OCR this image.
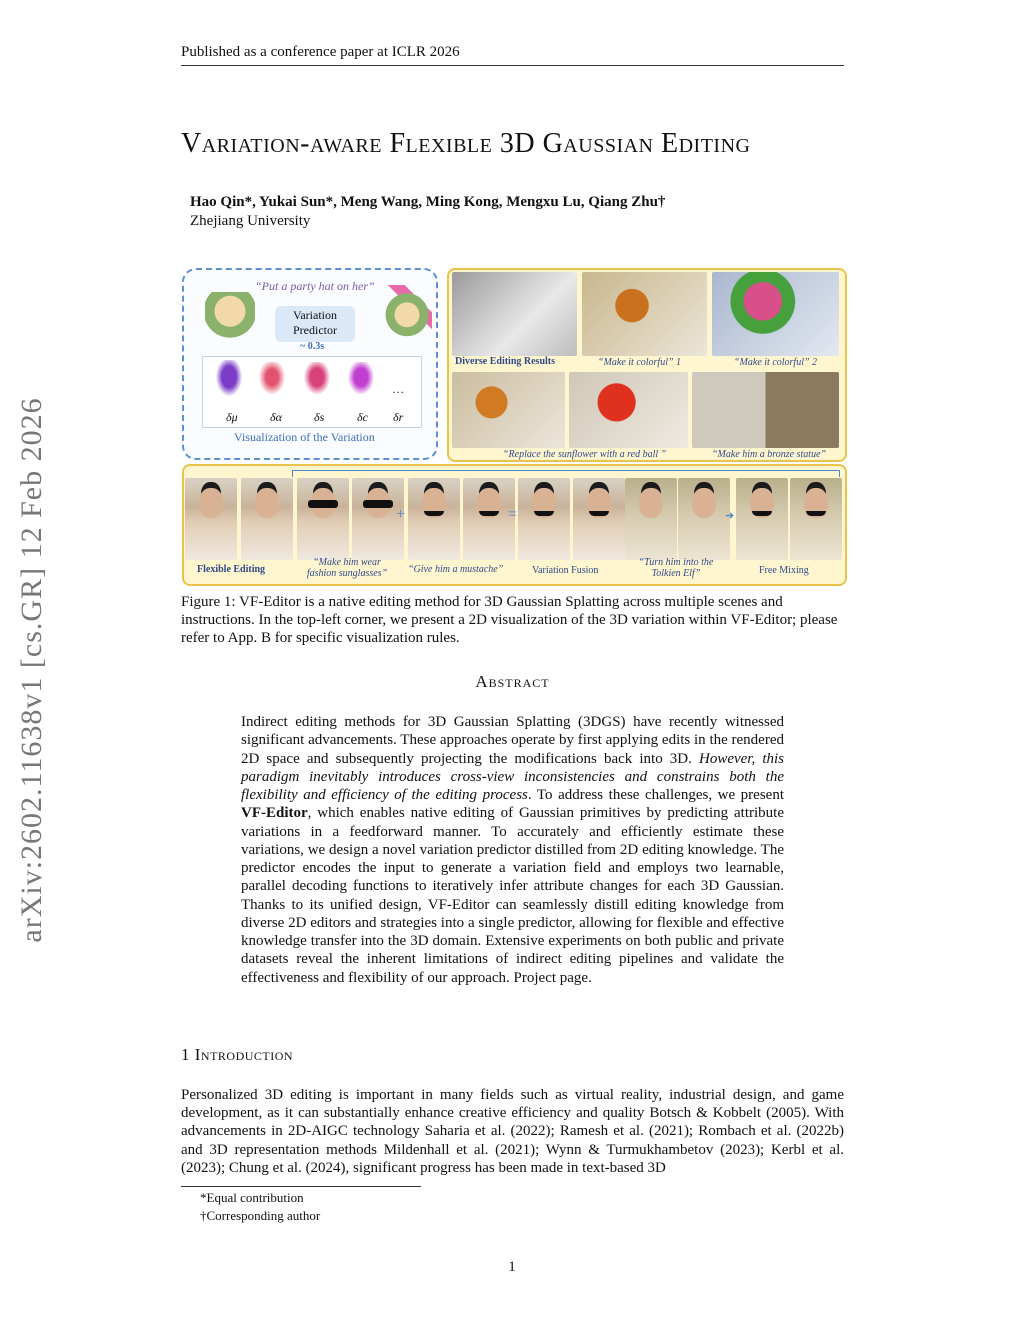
Published as a conference paper at ICLR 2026
arXiv:2602.11638v1 [cs.GR] 12 Feb 2026
Variation-aware Flexible 3D Gaussian Editing
Hao Qin*, Yukai Sun*, Meng Wang, Ming Kong, Mengxu Lu, Qiang Zhu†
Zhejiang University
“Put a party hat on her”
Variation Predictor
~ 0.3s
δμ	δα	δs	δc δr
…
Visualization of the Variation
Diverse Editing Results	“Make it colorful” 1	“Make it colorful” 2
“Replace the sunflower with a red ball ”	“Make him a bronze statue”
+	=	➜
Flexible Editing
“Make him wear fashion sunglasses”	“Give him a mustache”	Variation Fusion
“Turn him into the Tolkien Elf”	Free Mixing
Figure 1: VF-Editor is a native editing method for 3D Gaussian Splatting across multiple scenes and instructions. In the top-left corner, we present a 2D visualization of the 3D variation within VF-Editor; please refer to App. B for specific visualization rules.
Abstract
Indirect editing methods for 3D Gaussian Splatting (3DGS) have recently witnessed significant advancements. These approaches operate by first applying edits in the rendered 2D space and subsequently projecting the modifications back into 3D. However, this paradigm inevitably introduces cross-view inconsistencies and constrains both the flexibility and efficiency of the editing process. To address these challenges, we present VF-Editor, which enables native editing of Gaussian primitives by predicting attribute variations in a feedforward manner. To accurately and efficiently estimate these variations, we design a novel variation predictor distilled from 2D editing knowledge. The predictor encodes the input to generate a variation field and employs two learnable, parallel decoding functions to iteratively infer attribute changes for each 3D Gaussian. Thanks to its unified design, VF-Editor can seamlessly distill editing knowledge from diverse 2D editors and strategies into a single predictor, allowing for flexible and effective knowledge transfer into the 3D domain. Extensive experiments on both public and private datasets reveal the inherent limitations of indirect editing pipelines and validate the effectiveness and flexibility of our approach. Project page.
1 Introduction
Personalized 3D editing is important in many fields such as virtual reality, industrial design, and game development, as it can substantially enhance creative efficiency and quality Botsch & Kobbelt (2005). With advancements in 2D-AIGC technology Saharia et al. (2022); Ramesh et al. (2021); Rombach et al. (2022b) and 3D representation methods Mildenhall et al. (2021); Wynn & Turmukhambetov (2023); Kerbl et al. (2023); Chung et al. (2024), significant progress has been made in text-based 3D
*Equal contribution
†Corresponding author
1
